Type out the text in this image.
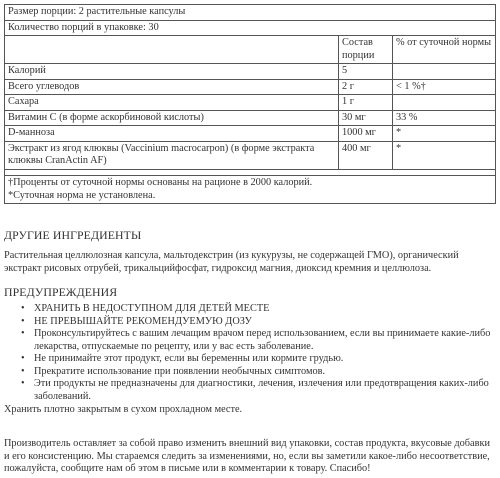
Размер порции: 2 растительные капсулы		
Количество порций в упаковке: 30		
	Состав порции	% от суточной нормы
Калорий	5	
Всего углеводов	2 г	< 1 %†
Сахара	1 г	
Витамин C (в форме аскорбиновой кислоты)	30 мг	33 %
D-манноза	1000 мг	*
Экстракт из ягод клюквы (Vaccinium macrocarpon) (в форме экстракта клюквы CranActin AF)	400 мг	*

†Проценты от суточной нормы основаны на рационе в 2000 калорий.
*Суточная норма не установлена.		
ДРУГИЕ ИНГРЕДИЕНТЫ

Растительная целлюлозная капсула, мальтодекстрин (из кукурузы, не содержащей ГМО), органический экстракт рисовых отрубей, трикальцийфосфат, гидроксид магния, диоксид кремния и целлюлоза.

ПРЕДУПРЕЖДЕНИЯ
• ХРАНИТЬ В НЕДОСТУПНОМ ДЛЯ ДЕТЕЙ МЕСТЕ
• НЕ ПРЕВЫШАЙТЕ РЕКОМЕНДУЕМУЮ ДОЗУ
• Проконсультируйтесь с вашим лечащим врачом перед использованием, если вы принимаете какие-либо лекарства, отпускаемые по рецепту, или у вас есть заболевание.
• Не принимайте этот продукт, если вы беременны или кормите грудью.
• Прекратите использование при появлении необычных симптомов.
• Эти продукты не предназначены для диагностики, лечения, излечения или предотвращения каких-либо заболеваний.

Хранить плотно закрытым в сухом прохладном месте.

Производитель оставляет за собой право изменить внешний вид упаковки, состав продукта, вкусовые добавки и его консистенцию. Мы стараемся следить за изменениями, но, если вы заметили какое-либо несоответствие, пожалуйста, сообщите нам об этом в письме или в комментарии к товару. Спасибо!
